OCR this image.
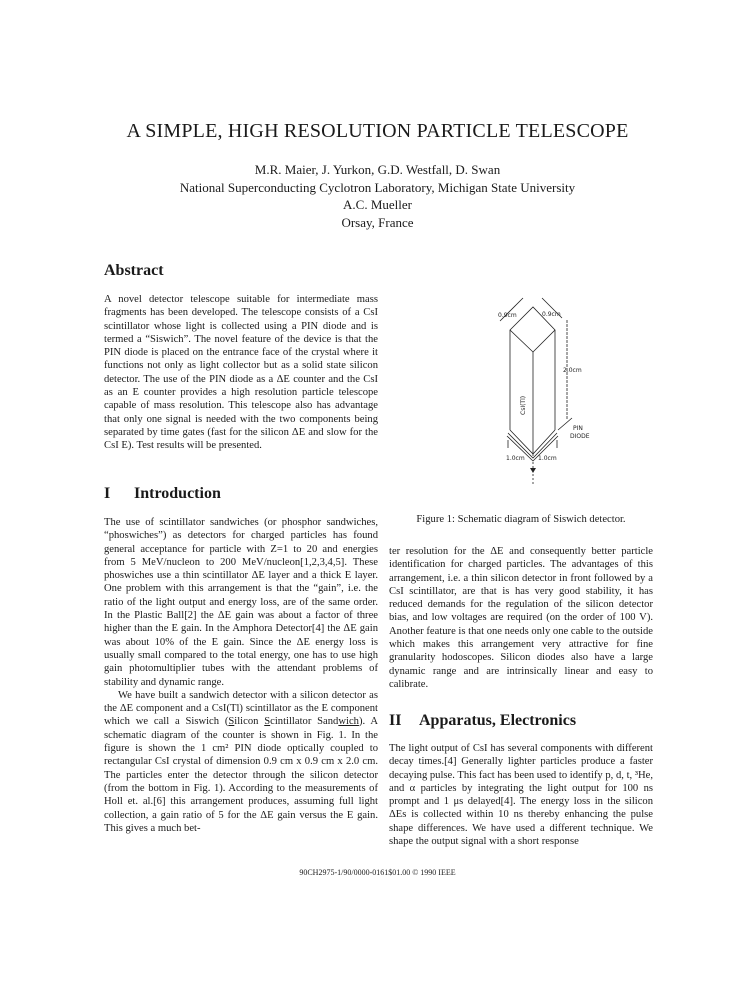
A SIMPLE, HIGH RESOLUTION PARTICLE TELESCOPE
M.R. Maier, J. Yurkon, G.D. Westfall, D. Swan
National Superconducting Cyclotron Laboratory, Michigan State University
A.C. Mueller
Orsay, France
Abstract

A novel detector telescope suitable for intermediate mass fragments has been developed. The telescope consists of a CsI scintillator whose light is collected using a PIN diode and is termed a “Siswich”. The novel feature of the device is that the PIN diode is placed on the entrance face of the crystal where it functions not only as light collector but as a solid state silicon detector. The use of the PIN diode as a ΔE counter and the CsI as an E counter provides a high resolution particle telescope capable of mass resolution. This telescope also has advantage that only one signal is needed with the two components being separated by time gates (fast for the silicon ΔE and slow for the CsI E). Test results will be presented.

0.9cm	0.9cm
2.0cm
CsI(Tl)
PIN
DIODE
1.0cm 1.0cm
Figure 1: Schematic diagram of Siswich detector.
I Introduction

The use of scintillator sandwiches (or phosphor sandwiches, “phoswiches”) as detectors for charged particles has found general acceptance for particle with Z=1 to 20 and energies from 5 MeV/nucleon to 200 MeV/nucleon[1,2,3,4,5]. These phoswiches use a thin scintillator ΔE layer and a thick E layer. One problem with this arrangement is that the “gain”, i.e. the ratio of the light output and energy loss, are of the same order. In the Plastic Ball[2] the ΔE gain was about a factor of three higher than the E gain. In the Amphora Detector[4] the ΔE gain was about 10% of the E gain. Since the ΔE energy loss is usually small compared to the total energy, one has to use high gain photomultiplier tubes with the attendant problems of stability and dynamic range.

We have built a sandwich detector with a silicon detector as the ΔE component and a CsI(Tl) scintillator as the E component which we call a Siswich (Silicon Scintillator Sandwich). A schematic diagram of the counter is shown in Fig. 1. In the figure is shown the 1 cm² PIN diode optically coupled to rectangular CsI crystal of dimension 0.9 cm x 0.9 cm x 2.0 cm. The particles enter the detector through the silicon detector (from the bottom in Fig. 1). According to the measurements of Holl et. al.[6] this arrangement produces, assuming full light collection, a gain ratio of 5 for the ΔE gain versus the E gain. This gives a much bet-

ter resolution for the ΔE and consequently better particle identification for charged particles. The advantages of this arrangement, i.e. a thin silicon detector in front followed by a CsI scintillator, are that is has very good stability, it has reduced demands for the regulation of the silicon detector bias, and low voltages are required (on the order of 100 V). Another feature is that one needs only one cable to the outside which makes this arrangement very attractive for fine granularity hodoscopes. Silicon diodes also have a large dynamic range and are intrinsically linear and easy to calibrate.

II Apparatus, Electronics

The light output of CsI has several components with different decay times.[4] Generally lighter particles produce a faster decaying pulse. This fact has been used to identify p, d, t, ³He, and α particles by integrating the light output for 100 ns prompt and 1 μs delayed[4]. The energy loss in the silicon ΔEs is collected within 10 ns thereby enhancing the pulse shape differences. We have used a different technique. We shape the output signal with a short response

90CH2975-1/90/0000-0161$01.00 © 1990 IEEE
